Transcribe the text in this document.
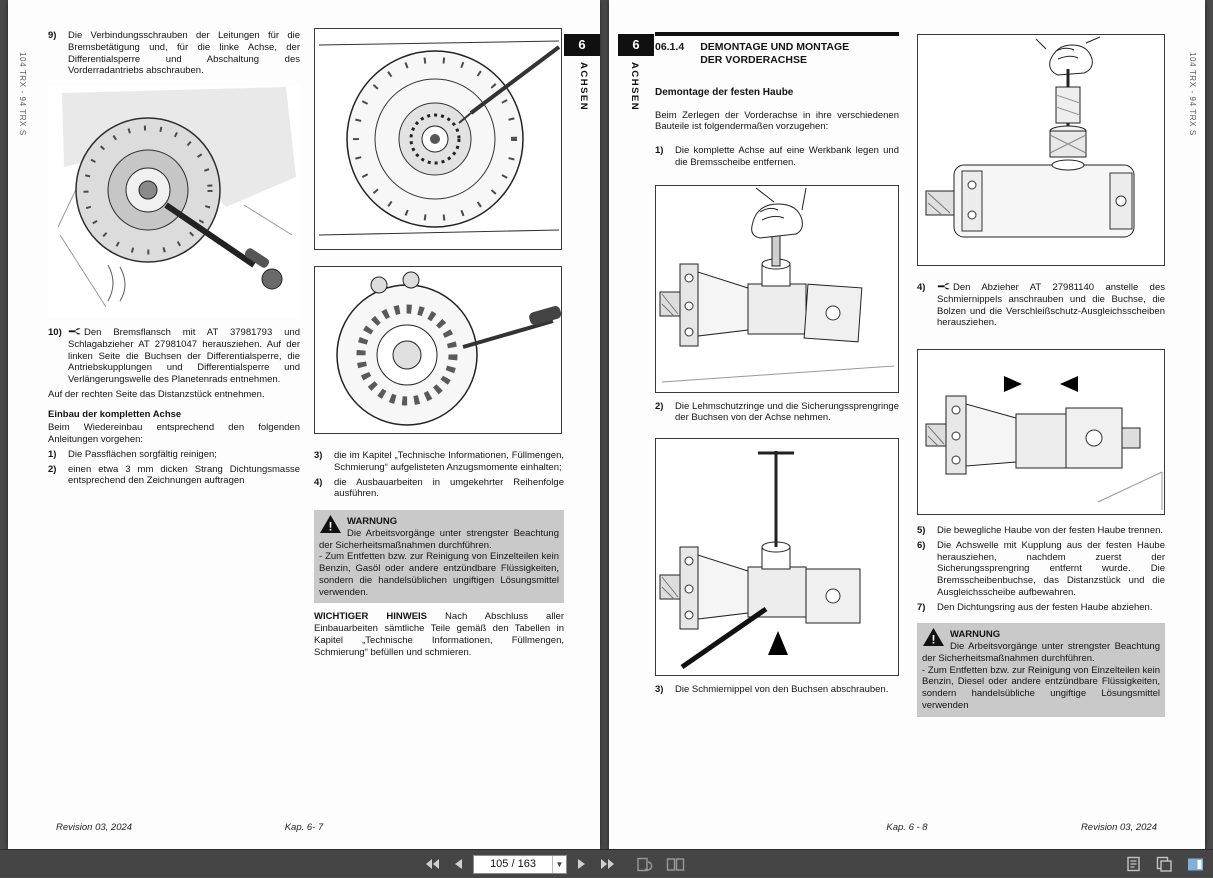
104 TRX - 94 TRX S
6
ACHSEN
9)	Die Verbindungsschrauben der Leitungen für die Bremsbetätigung und, für die linke Achse, der Differentialsperre und Abschaltung des Vorderradantriebs abschrauben.
10)	Den Bremsflansch mit AT 37981793 und Schlagabzieher AT 27981047 herausziehen. Auf der linken Seite die Buchsen der Differentialsperre, die Antriebskupplungen und Differentialsperre und Verlängerungswelle des Planetenrads entnehmen.
Auf der rechten Seite das Distanzstück entnehmen.
Einbau der kompletten Achse
Beim Wiedereinbau entsprechend den folgenden Anleitungen vorgehen:
1)	Die Passflächen sorgfältig reinigen;
2)	einen etwa 3 mm dicken Strang Dichtungsmasse entsprechend den Zeichnungen auftragen
3)	die im Kapitel „Technische Informationen, Füllmengen, Schmierung“ aufgelisteten Anzugsmomente einhalten;
4)	die Ausbauarbeiten in umgekehrter Reihenfolge ausführen.
!	WARNUNG
Die Arbeitsvorgänge unter strengster Beachtung der Sicherheitsmaßnahmen durchführen.
- Zum Entfetten bzw. zur Reinigung von Einzelteilen kein Benzin, Gasöl oder andere entzündbare Flüssigkeiten, sondern die handelsüblichen ungiftigen Lösungsmittel verwenden.
WICHTIGER HINWEIS Nach Abschluss aller Einbauarbeiten sämtliche Teile gemäß den Tabellen in Kapitel „Technische Informationen, Füllmengen, Schmierung“ befüllen und schmieren.
Revision 03, 2024	Kap. 6- 7
6
ACHSEN	104 TRX - 94 TRX S
06.1.4 DEMONTAGE UND MONTAGE DER VORDERACHSE
Demontage der festen Haube
Beim Zerlegen der Vorderachse in ihre verschiedenen Bauteile ist folgendermaßen vorzugehen:
1)	Die komplette Achse auf eine Werkbank legen und die Bremsscheibe entfernen.
2)	Die Lehmschutzringe und die Sicherungssprengringe der Buchsen von der Achse nehmen.
3)	Die Schmiernippel von den Buchsen abschrauben.
4)	Den Abzieher AT 27981140 anstelle des Schmiernippels anschrauben und die Buchse, die Bolzen und die Verschleißschutz-Ausgleichsscheiben herausziehen.
5)	Die bewegliche Haube von der festen Haube trennen.
6)	Die Achswelle mit Kupplung aus der festen Haube herausziehen, nachdem zuerst der Sicherungssprengring entfernt wurde. Die Bremsscheibenbuchse, das Distanzstück und die Ausgleichsscheibe aufbewahren.
7)	Den Dichtungsring aus der festen Haube abziehen.
!	WARNUNG
Die Arbeitsvorgänge unter strengster Beachtung der Sicherheitsmaßnahmen durchführen.
- Zum Entfetten bzw. zur Reinigung von Einzelteilen kein Benzin, Diesel oder andere entzündbare Flüssigkeiten, sondern handelsübliche ungiftige Lösungsmittel verwenden
Kap. 6 - 8	Revision 03, 2024
105 / 163	▼
